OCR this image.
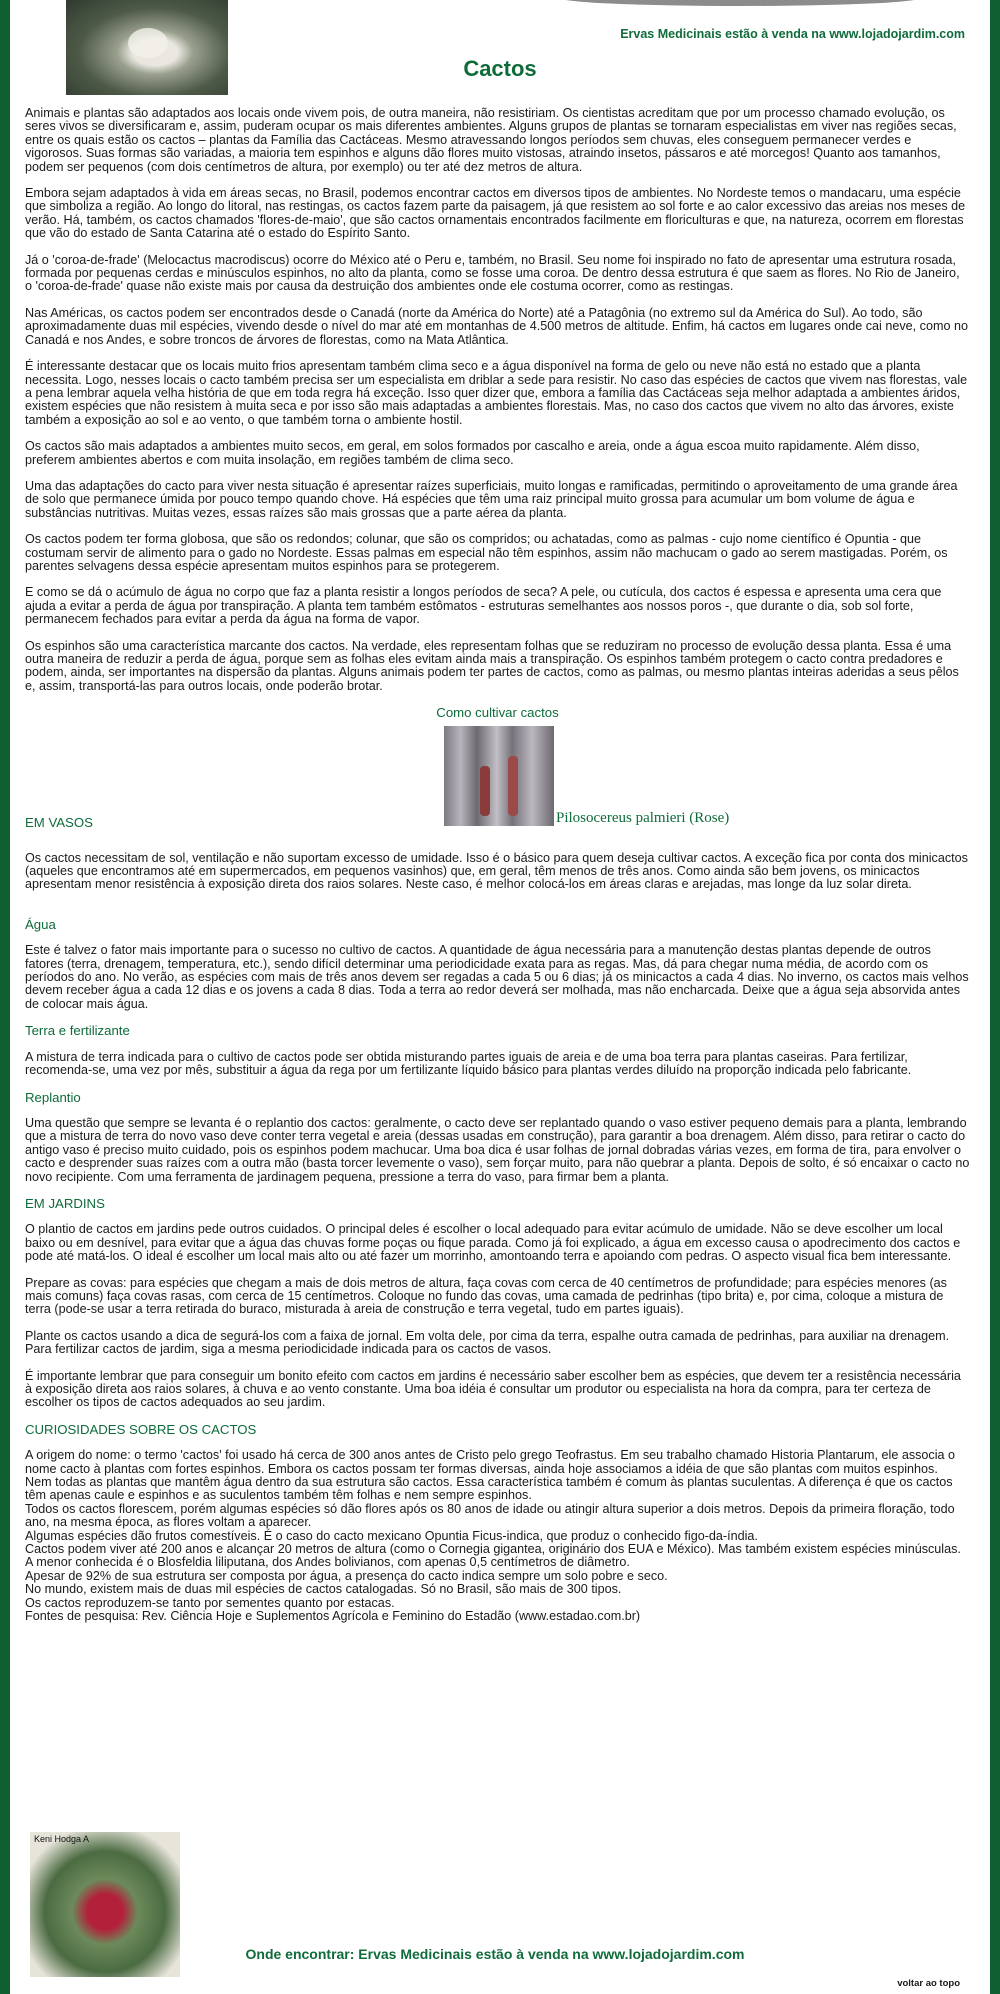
Ervas Medicinais estão à venda na www.lojadojardim.com
Cactos

Animais e plantas são adaptados aos locais onde vivem pois, de outra maneira, não resistiriam. Os cientistas acreditam que por um processo chamado evolução, os seres vivos se diversificaram e, assim, puderam ocupar os mais diferentes ambientes. Alguns grupos de plantas se tornaram especialistas em viver nas regiões secas, entre os quais estão os cactos – plantas da Família das Cactáceas. Mesmo atravessando longos períodos sem chuvas, eles conseguem permanecer verdes e vigorosos. Suas formas são variadas, a maioria tem espinhos e alguns dão flores muito vistosas, atraindo insetos, pássaros e até morcegos! Quanto aos tamanhos, podem ser pequenos (com dois centímetros de altura, por exemplo) ou ter até dez metros de altura.

Embora sejam adaptados à vida em áreas secas, no Brasil, podemos encontrar cactos em diversos tipos de ambientes. No Nordeste temos o mandacaru, uma espécie que simboliza a região. Ao longo do litoral, nas restingas, os cactos fazem parte da paisagem, já que resistem ao sol forte e ao calor excessivo das areias nos meses de verão. Há, também, os cactos chamados 'flores-de-maio', que são cactos ornamentais encontrados facilmente em floriculturas e que, na natureza, ocorrem em florestas que vão do estado de Santa Catarina até o estado do Espírito Santo.

Já o 'coroa-de-frade' (Melocactus macrodiscus) ocorre do México até o Peru e, também, no Brasil. Seu nome foi inspirado no fato de apresentar uma estrutura rosada, formada por pequenas cerdas e minúsculos espinhos, no alto da planta, como se fosse uma coroa. De dentro dessa estrutura é que saem as flores. No Rio de Janeiro, o 'coroa-de-frade' quase não existe mais por causa da destruição dos ambientes onde ele costuma ocorrer, como as restingas.

Nas Américas, os cactos podem ser encontrados desde o Canadá (norte da América do Norte) até a Patagônia (no extremo sul da América do Sul). Ao todo, são aproximadamente duas mil espécies, vivendo desde o nível do mar até em montanhas de 4.500 metros de altitude. Enfim, há cactos em lugares onde cai neve, como no Canadá e nos Andes, e sobre troncos de árvores de florestas, como na Mata Atlântica.

É interessante destacar que os locais muito frios apresentam também clima seco e a água disponível na forma de gelo ou neve não está no estado que a planta necessita. Logo, nesses locais o cacto também precisa ser um especialista em driblar a sede para resistir. No caso das espécies de cactos que vivem nas florestas, vale a pena lembrar aquela velha história de que em toda regra há exceção. Isso quer dizer que, embora a família das Cactáceas seja melhor adaptada a ambientes áridos, existem espécies que não resistem à muita seca e por isso são mais adaptadas a ambientes florestais. Mas, no caso dos cactos que vivem no alto das árvores, existe também a exposição ao sol e ao vento, o que também torna o ambiente hostil.

Os cactos são mais adaptados a ambientes muito secos, em geral, em solos formados por cascalho e areia, onde a água escoa muito rapidamente. Além disso, preferem ambientes abertos e com muita insolação, em regiões também de clima seco.

Uma das adaptações do cacto para viver nesta situação é apresentar raízes superficiais, muito longas e ramificadas, permitindo o aproveitamento de uma grande área de solo que permanece úmida por pouco tempo quando chove. Há espécies que têm uma raiz principal muito grossa para acumular um bom volume de água e substâncias nutritivas. Muitas vezes, essas raízes são mais grossas que a parte aérea da planta.

Os cactos podem ter forma globosa, que são os redondos; colunar, que são os compridos; ou achatadas, como as palmas - cujo nome científico é Opuntia - que costumam servir de alimento para o gado no Nordeste. Essas palmas em especial não têm espinhos, assim não machucam o gado ao serem mastigadas. Porém, os parentes selvagens dessa espécie apresentam muitos espinhos para se protegerem.

E como se dá o acúmulo de água no corpo que faz a planta resistir a longos períodos de seca? A pele, ou cutícula, dos cactos é espessa e apresenta uma cera que ajuda a evitar a perda de água por transpiração. A planta tem também estômatos - estruturas semelhantes aos nossos poros -, que durante o dia, sob sol forte, permanecem fechados para evitar a perda da água na forma de vapor.

Os espinhos são uma característica marcante dos cactos. Na verdade, eles representam folhas que se reduziram no processo de evolução dessa planta. Essa é uma outra maneira de reduzir a perda de água, porque sem as folhas eles evitam ainda mais a transpiração. Os espinhos também protegem o cacto contra predadores e podem, ainda, ser importantes na dispersão da plantas. Alguns animais podem ter partes de cactos, como as palmas, ou mesmo plantas inteiras aderidas a seus pêlos e, assim, transportá-las para outros locais, onde poderão brotar.

Como cultivar cactos
Pilosocereus palmieri (Rose)
EM VASOS

Os cactos necessitam de sol, ventilação e não suportam excesso de umidade. Isso é o básico para quem deseja cultivar cactos. A exceção fica por conta dos minicactos (aqueles que encontramos até em supermercados, em pequenos vasinhos) que, em geral, têm menos de três anos. Como ainda são bem jovens, os minicactos apresentam menor resistência à exposição direta dos raios solares. Neste caso, é melhor colocá-los em áreas claras e arejadas, mas longe da luz solar direta.

Água

Este é talvez o fator mais importante para o sucesso no cultivo de cactos. A quantidade de água necessária para a manutenção destas plantas depende de outros fatores (terra, drenagem, temperatura, etc.), sendo difícil determinar uma periodicidade exata para as regas. Mas, dá para chegar numa média, de acordo com os períodos do ano. No verão, as espécies com mais de três anos devem ser regadas a cada 5 ou 6 dias; já os minicactos a cada 4 dias. No inverno, os cactos mais velhos devem receber água a cada 12 dias e os jovens a cada 8 dias. Toda a terra ao redor deverá ser molhada, mas não encharcada. Deixe que a água seja absorvida antes de colocar mais água.

Terra e fertilizante

A mistura de terra indicada para o cultivo de cactos pode ser obtida misturando partes iguais de areia e de uma boa terra para plantas caseiras. Para fertilizar, recomenda-se, uma vez por mês, substituir a água da rega por um fertilizante líquido básico para plantas verdes diluído na proporção indicada pelo fabricante.

Replantio

Uma questão que sempre se levanta é o replantio dos cactos: geralmente, o cacto deve ser replantado quando o vaso estiver pequeno demais para a planta, lembrando que a mistura de terra do novo vaso deve conter terra vegetal e areia (dessas usadas em construção), para garantir a boa drenagem. Além disso, para retirar o cacto do antigo vaso é preciso muito cuidado, pois os espinhos podem machucar. Uma boa dica é usar folhas de jornal dobradas várias vezes, em forma de tira, para envolver o cacto e desprender suas raízes com a outra mão (basta torcer levemente o vaso), sem forçar muito, para não quebrar a planta. Depois de solto, é só encaixar o cacto no novo recipiente. Com uma ferramenta de jardinagem pequena, pressione a terra do vaso, para firmar bem a planta.

EM JARDINS

O plantio de cactos em jardins pede outros cuidados. O principal deles é escolher o local adequado para evitar acúmulo de umidade. Não se deve escolher um local baixo ou em desnível, para evitar que a água das chuvas forme poças ou fique parada. Como já foi explicado, a água em excesso causa o apodrecimento dos cactos e pode até matá-los. O ideal é escolher um local mais alto ou até fazer um morrinho, amontoando terra e apoiando com pedras. O aspecto visual fica bem interessante.

Prepare as covas: para espécies que chegam a mais de dois metros de altura, faça covas com cerca de 40 centímetros de profundidade; para espécies menores (as mais comuns) faça covas rasas, com cerca de 15 centímetros. Coloque no fundo das covas, uma camada de pedrinhas (tipo brita) e, por cima, coloque a mistura de terra (pode-se usar a terra retirada do buraco, misturada à areia de construção e terra vegetal, tudo em partes iguais).

Plante os cactos usando a dica de segurá-los com a faixa de jornal. Em volta dele, por cima da terra, espalhe outra camada de pedrinhas, para auxiliar na drenagem. Para fertilizar cactos de jardim, siga a mesma periodicidade indicada para os cactos de vasos.

É importante lembrar que para conseguir um bonito efeito com cactos em jardins é necessário saber escolher bem as espécies, que devem ter a resistência necessária à exposição direta aos raios solares, à chuva e ao vento constante. Uma boa idéia é consultar um produtor ou especialista na hora da compra, para ter certeza de escolher os tipos de cactos adequados ao seu jardim.

CURIOSIDADES SOBRE OS CACTOS

A origem do nome: o termo 'cactos' foi usado há cerca de 300 anos antes de Cristo pelo grego Teofrastus. Em seu trabalho chamado Historia Plantarum, ele associa o nome cacto à plantas com fortes espinhos. Embora os cactos possam ter formas diversas, ainda hoje associamos a idéia de que são plantas com muitos espinhos.

Nem todas as plantas que mantêm água dentro da sua estrutura são cactos. Essa característica também é comum às plantas suculentas. A diferença é que os cactos têm apenas caule e espinhos e as suculentos também têm folhas e nem sempre espinhos.

Todos os cactos florescem, porém algumas espécies só dão flores após os 80 anos de idade ou atingir altura superior a dois metros. Depois da primeira floração, todo ano, na mesma época, as flores voltam a aparecer.

Algumas espécies dão frutos comestíveis. É o caso do cacto mexicano Opuntia Ficus-indica, que produz o conhecido figo-da-índia.

Cactos podem viver até 200 anos e alcançar 20 metros de altura (como o Cornegia gigantea, originário dos EUA e México). Mas também existem espécies minúsculas. A menor conhecida é o Blosfeldia liliputana, dos Andes bolivianos, com apenas 0,5 centímetros de diâmetro.

Apesar de 92% de sua estrutura ser composta por água, a presença do cacto indica sempre um solo pobre e seco.

No mundo, existem mais de duas mil espécies de cactos catalogadas. Só no Brasil, são mais de 300 tipos.

Os cactos reproduzem-se tanto por sementes quanto por estacas.

Fontes de pesquisa: Rev. Ciência Hoje e Suplementos Agrícola e Feminino do Estadão (www.estadao.com.br)

Keni Hodga A
Onde encontrar: Ervas Medicinais estão à venda na www.lojadojardim.com
voltar ao topo
